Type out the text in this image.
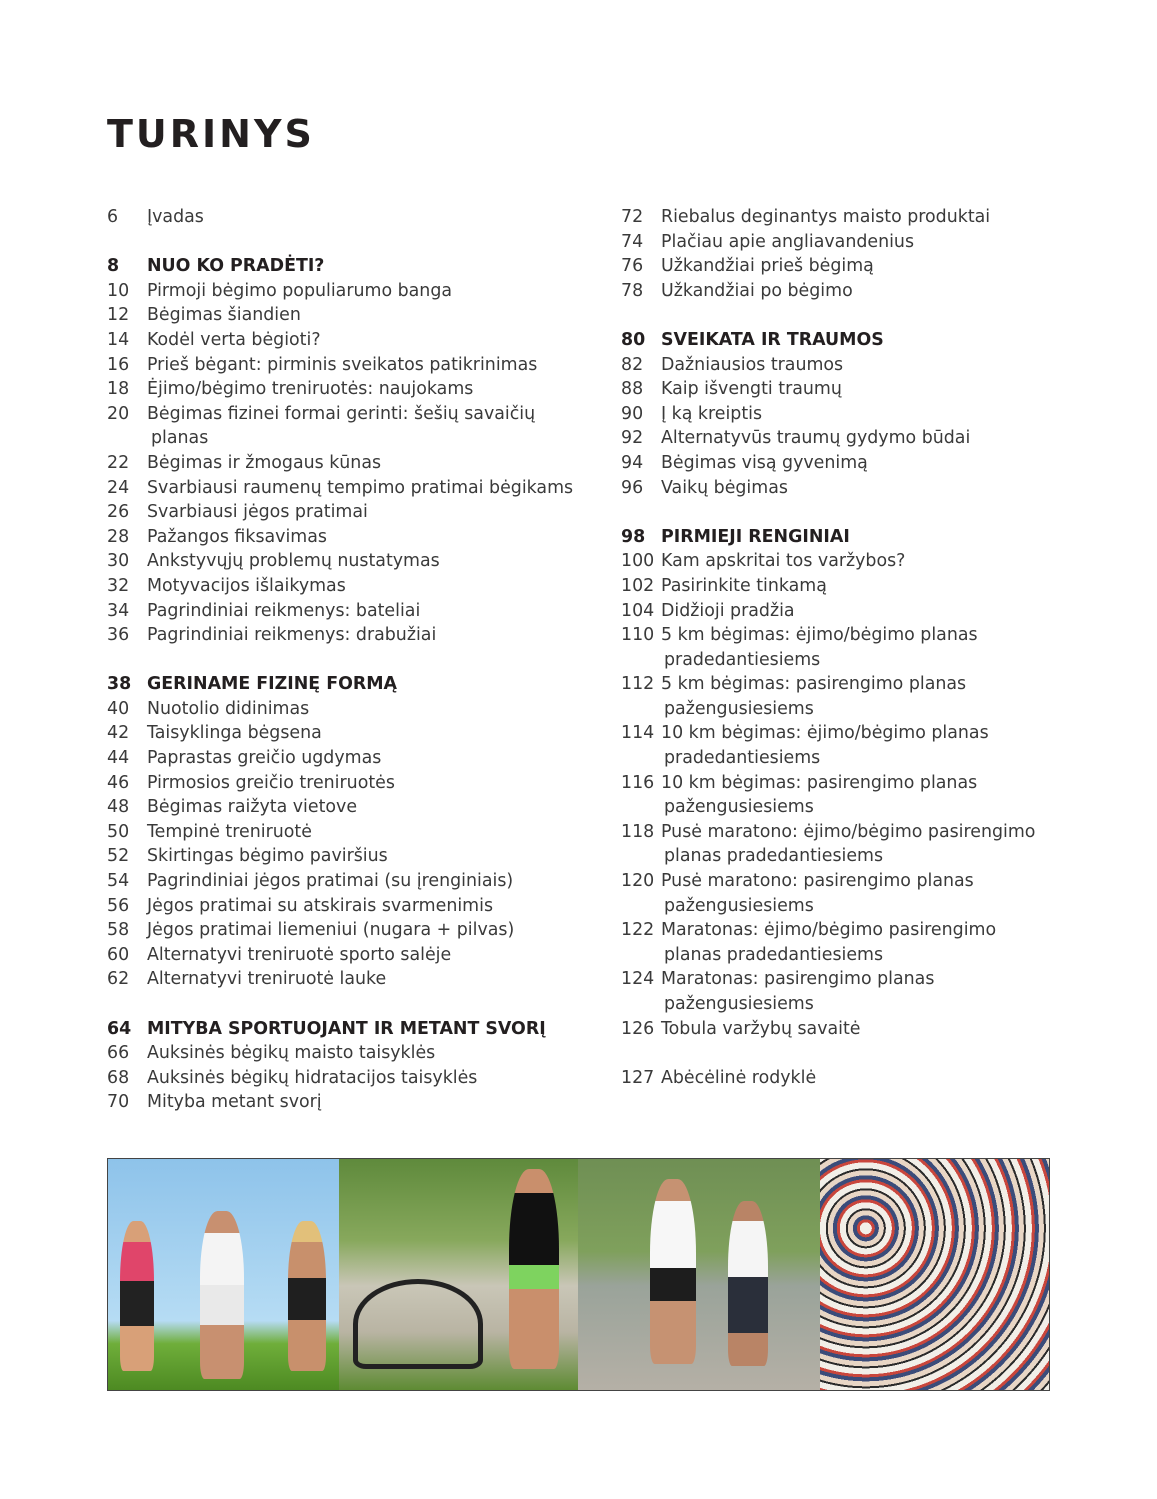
TURINYS
6	Įvadas
8	NUO KO PRADĖTI?
10	Pirmoji bėgimo populiarumo banga
12	Bėgimas šiandien
14	Kodėl verta bėgioti?
16	Prieš bėgant: pirminis sveikatos patikrinimas
18	Ėjimo/bėgimo treniruotės: naujokams
20	Bėgimas fizinei formai gerinti: šešių savaičių
planas
22	Bėgimas ir žmogaus kūnas
24	Svarbiausi raumenų tempimo pratimai bėgikams
26	Svarbiausi jėgos pratimai
28	Pažangos fiksavimas
30	Ankstyvųjų problemų nustatymas
32	Motyvacijos išlaikymas
34	Pagrindiniai reikmenys: bateliai
36	Pagrindiniai reikmenys: drabužiai
38 GERINAME FIZINĘ FORMĄ
40	Nuotolio didinimas
42	Taisyklinga bėgsena
44	Paprastas greičio ugdymas
46	Pirmosios greičio treniruotės
48	Bėgimas raižyta vietove
50	Tempinė treniruotė
52	Skirtingas bėgimo paviršius
54	Pagrindiniai jėgos pratimai (su įrenginiais)
56	Jėgos pratimai su atskirais svarmenimis
58	Jėgos pratimai liemeniui (nugara + pilvas)
60	Alternatyvi treniruotė sporto salėje
62	Alternatyvi treniruotė lauke
64 MITYBA SPORTUOJANT IR METANT SVORĮ
66	Auksinės bėgikų maisto taisyklės
68	Auksinės bėgikų hidratacijos taisyklės
70	Mityba metant svorį
72	Riebalus deginantys maisto produktai
74	Plačiau apie angliavandenius
76	Užkandžiai prieš bėgimą
78	Užkandžiai po bėgimo
80 SVEIKATA IR TRAUMOS
82	Dažniausios traumos
88	Kaip išvengti traumų
90	Į ką kreiptis
92	Alternatyvūs traumų gydymo būdai
94	Bėgimas visą gyvenimą
96	Vaikų bėgimas
98 PIRMIEJI RENGINIAI
100 Kam apskritai tos varžybos?
102 Pasirinkite tinkamą
104 Didžioji pradžia
110 5 km bėgimas: ėjimo/bėgimo planas
pradedantiesiems
112 5 km bėgimas: pasirengimo planas
pažengusiesiems
114 10 km bėgimas: ėjimo/bėgimo planas
pradedantiesiems
116 10 km bėgimas: pasirengimo planas
pažengusiesiems
118 Pusė maratono: ėjimo/bėgimo pasirengimo
planas pradedantiesiems
120 Pusė maratono: pasirengimo planas
pažengusiesiems
122 Maratonas: ėjimo/bėgimo pasirengimo
planas pradedantiesiems
124 Maratonas: pasirengimo planas
pažengusiesiems
126 Tobula varžybų savaitė
127 Abėcėlinė rodyklė
